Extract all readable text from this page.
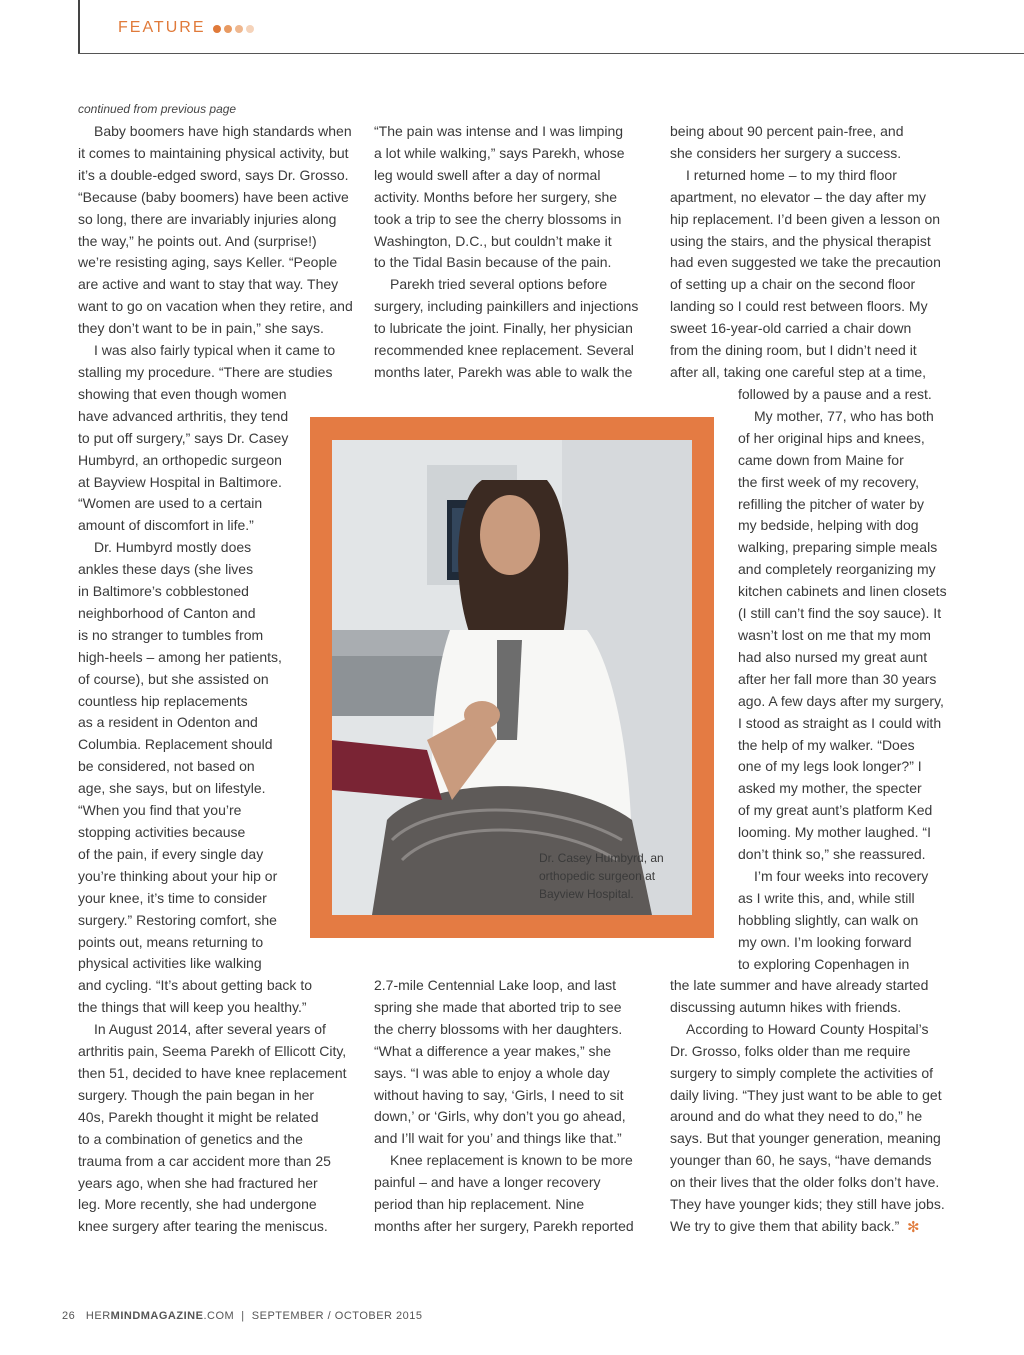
FEATURE
continued from previous page

Baby boomers have high standards when
it comes to maintaining physical activity, but
it’s a double-edged sword, says Dr. Grosso.
“Because (baby boomers) have been active
so long, there are invariably injuries along
the way,” he points out. And (surprise!)
we’re resisting aging, says Keller. “People
are active and want to stay that way. They
want to go on vacation when they retire, and
they don’t want to be in pain,” she says.

I was also fairly typical when it came to
stalling my procedure. “There are studies
showing that even though women
have advanced arthritis, they tend
to put off surgery,” says Dr. Casey
Humbyrd, an orthopedic surgeon
at Bayview Hospital in Baltimore.
“Women are used to a certain
amount of discomfort in life.”

Dr. Humbyrd mostly does
ankles these days (she lives
in Baltimore’s cobblestoned
neighborhood of Canton and
is no stranger to tumbles from
high-heels – among her patients,
of course), but she assisted on
countless hip replacements
as a resident in Odenton and
Columbia. Replacement should
be considered, not based on
age, she says, but on lifestyle.
“When you find that you’re
stopping activities because
of the pain, if every single day
you’re thinking about your hip or
your knee, it’s time to consider
surgery.” Restoring comfort, she
points out, means returning to
physical activities like walking
and cycling. “It’s about getting back to
the things that will keep you healthy.”

In August 2014, after several years of
arthritis pain, Seema Parekh of Ellicott City,
then 51, decided to have knee replacement
surgery. Though the pain began in her
40s, Parekh thought it might be related
to a combination of genetics and the
trauma from a car accident more than 25
years ago, when she had fractured her
leg. More recently, she had undergone
knee surgery after tearing the meniscus.

“The pain was intense and I was limping
a lot while walking,” says Parekh, whose
leg would swell after a day of normal
activity. Months before her surgery, she
took a trip to see the cherry blossoms in
Washington, D.C., but couldn’t make it
to the Tidal Basin because of the pain.

Parekh tried several options before
surgery, including painkillers and injections
to lubricate the joint. Finally, her physician
recommended knee replacement. Several
months later, Parekh was able to walk the

Dr. Casey Humbyrd, an
orthopedic surgeon at
Bayview Hospital.

2.7-mile Centennial Lake loop, and last
spring she made that aborted trip to see
the cherry blossoms with her daughters.
“What a difference a year makes,” she
says. “I was able to enjoy a whole day
without having to say, ‘Girls, I need to sit
down,’ or ‘Girls, why don’t you go ahead,
and I’ll wait for you’ and things like that.”

Knee replacement is known to be more
painful – and have a longer recovery
period than hip replacement. Nine
months after her surgery, Parekh reported

being about 90 percent pain-free, and
she considers her surgery a success.

I returned home – to my third floor
apartment, no elevator – the day after my
hip replacement. I’d been given a lesson on
using the stairs, and the physical therapist
had even suggested we take the precaution
of setting up a chair on the second floor
landing so I could rest between floors. My
sweet 16-year-old carried a chair down
from the dining room, but I didn’t need it
after all, taking one careful step at a time,

followed by a pause and a rest.

My mother, 77, who has both
of her original hips and knees,
came down from Maine for
the first week of my recovery,
refilling the pitcher of water by
my bedside, helping with dog
walking, preparing simple meals
and completely reorganizing my
kitchen cabinets and linen closets
(I still can’t find the soy sauce). It
wasn’t lost on me that my mom
had also nursed my great aunt
after her fall more than 30 years
ago. A few days after my surgery,
I stood as straight as I could with
the help of my walker. “Does
one of my legs look longer?” I
asked my mother, the specter
of my great aunt’s platform Ked
looming. My mother laughed. “I
don’t think so,” she reassured.

I’m four weeks into recovery
as I write this, and, while still
hobbling slightly, can walk on
my own. I’m looking forward
to exploring Copenhagen in

the late summer and have already started
discussing autumn hikes with friends.

According to Howard County Hospital’s
Dr. Grosso, folks older than me require
surgery to simply complete the activities of
daily living. “They just want to be able to get
around and do what they need to do,” he
says. But that younger generation, meaning
younger than 60, he says, “have demands
on their lives that the older folks don’t have.
They have younger kids; they still have jobs.
We try to give them that ability back.” ✻

26 HERMINDMAGAZINE.COM | SEPTEMBER / OCTOBER 2015
